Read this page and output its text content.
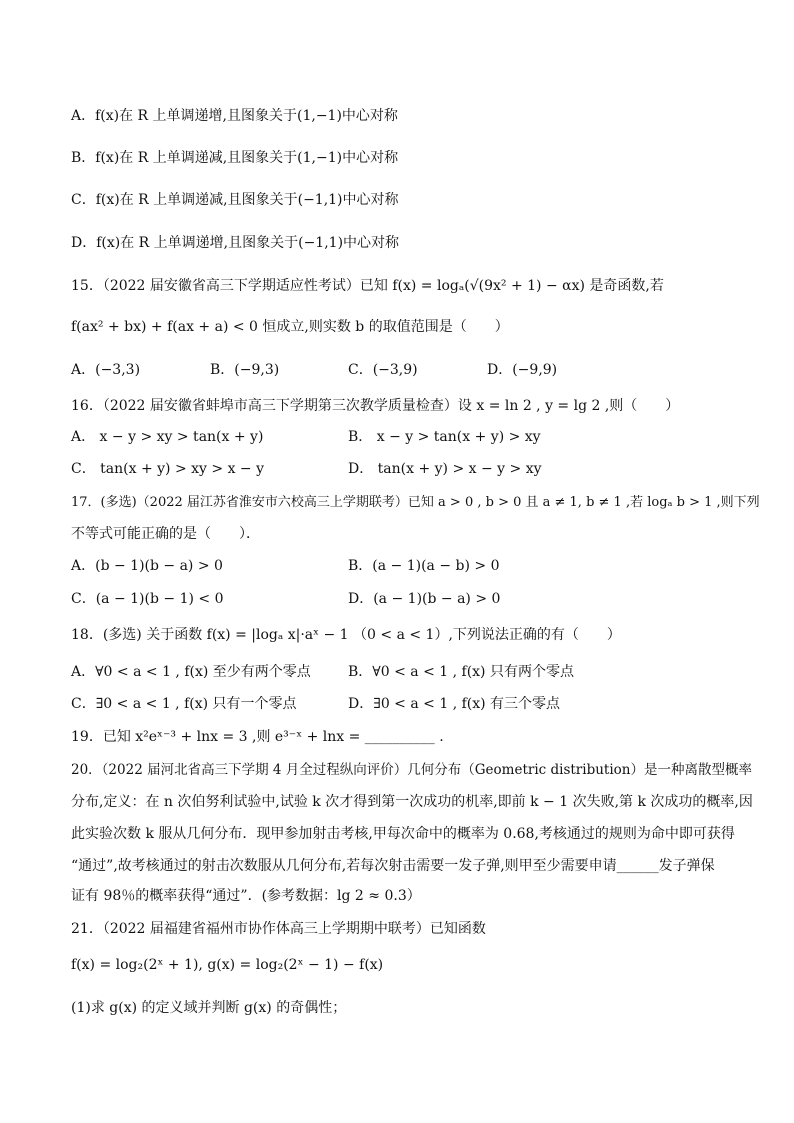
A．f(x)在 R 上单调递增,且图象关于(1,−1)中心对称
B．f(x)在 R 上单调递减,且图象关于(1,−1)中心对称
C．f(x)在 R 上单调递减,且图象关于(−1,1)中心对称
D．f(x)在 R 上单调递增,且图象关于(−1,1)中心对称
15．（2022 届安徽省高三下学期适应性考试）已知 f(x) = logₐ(√(9x² + 1) − αx) 是奇函数,若
f(ax² + bx) + f(ax + a) < 0 恒成立,则实数 b 的取值范围是（　　）
A．(−3,3)	B．(−9,3)	C．(−3,9)	D．(−9,9)
16．（2022 届安徽省蚌埠市高三下学期第三次教学质量检查）设 x = ln 2 , y = lg 2 ,则（　　）
A． x − y > xy > tan(x + y)	B． x − y > tan(x + y) > xy
C． tan(x + y) > xy > x − y	D． tan(x + y) > x − y > xy
17．(多选)（2022 届江苏省淮安市六校高三上学期联考）已知 a > 0 , b > 0 且 a ≠ 1, b ≠ 1 ,若 logₐ b > 1 ,则下列
不等式可能正确的是（　　）．
A．(b − 1)(b − a) > 0	B．(a − 1)(a − b) > 0
C．(a − 1)(b − 1) < 0	D．(a − 1)(b − a) > 0
18．(多选) 关于函数 f(x) = |logₐ x|·aˣ − 1 （0 < a < 1）,下列说法正确的有（　　）
A．∀0 < a < 1 , f(x) 至少有两个零点	B．∀0 < a < 1 , f(x) 只有两个零点
C．∃0 < a < 1 , f(x) 只有一个零点	D．∃0 < a < 1 , f(x) 有三个零点
19．已知 x²eˣ⁻³ + lnx = 3 ,则 e³⁻ˣ + lnx = __________ .
20．（2022 届河北省高三下学期 4 月全过程纵向评价）几何分布（Geometric distribution）是一种离散型概率
分布,定义：在 n 次伯努利试验中,试验 k 次才得到第一次成功的机率,即前 k − 1 次失败,第 k 次成功的概率,因
此实验次数 k 服从几何分布．现甲参加射击考核,甲每次命中的概率为 0.68,考核通过的规则为命中即可获得
“通过”,故考核通过的射击次数服从几何分布,若每次射击需要一发子弹,则甲至少需要申请______发子弹保
证有 98％的概率获得“通过”．(参考数据：lg 2 ≈ 0.3）
21．（2022 届福建省福州市协作体高三上学期期中联考）已知函数
f(x) = log₂(2ˣ + 1), g(x) = log₂(2ˣ − 1) − f(x)
(1)求 g(x) 的定义域并判断 g(x) 的奇偶性；
